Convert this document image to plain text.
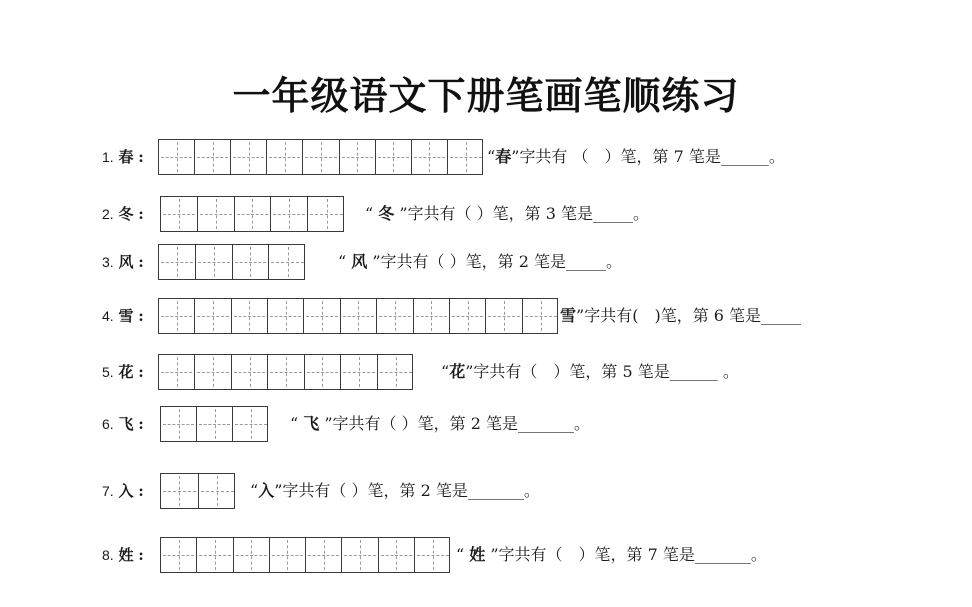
一年级语文下册笔画笔顺练习
1. 春 :	“春”字共有 （　）笔，第 7 笔是______。
2. 冬 :	“ 冬 ”字共有（ ）笔，第 3 笔是_____。
3. 风 :	“ 风 ”字共有（ ）笔，第 2 笔是_____。
4. 雪 :	雪”字共有(　)笔，第 6 笔是_____
5. 花 :	“花”字共有（　）笔，第 5 笔是______ 。
6. 飞 :	“ 飞 ”字共有（ ）笔，第 2 笔是_______。
7. 入 :	“入”字共有（ ）笔，第 2 笔是_______。
8. 姓 :	“ 姓 ”字共有（　）笔，第 7 笔是_______。
